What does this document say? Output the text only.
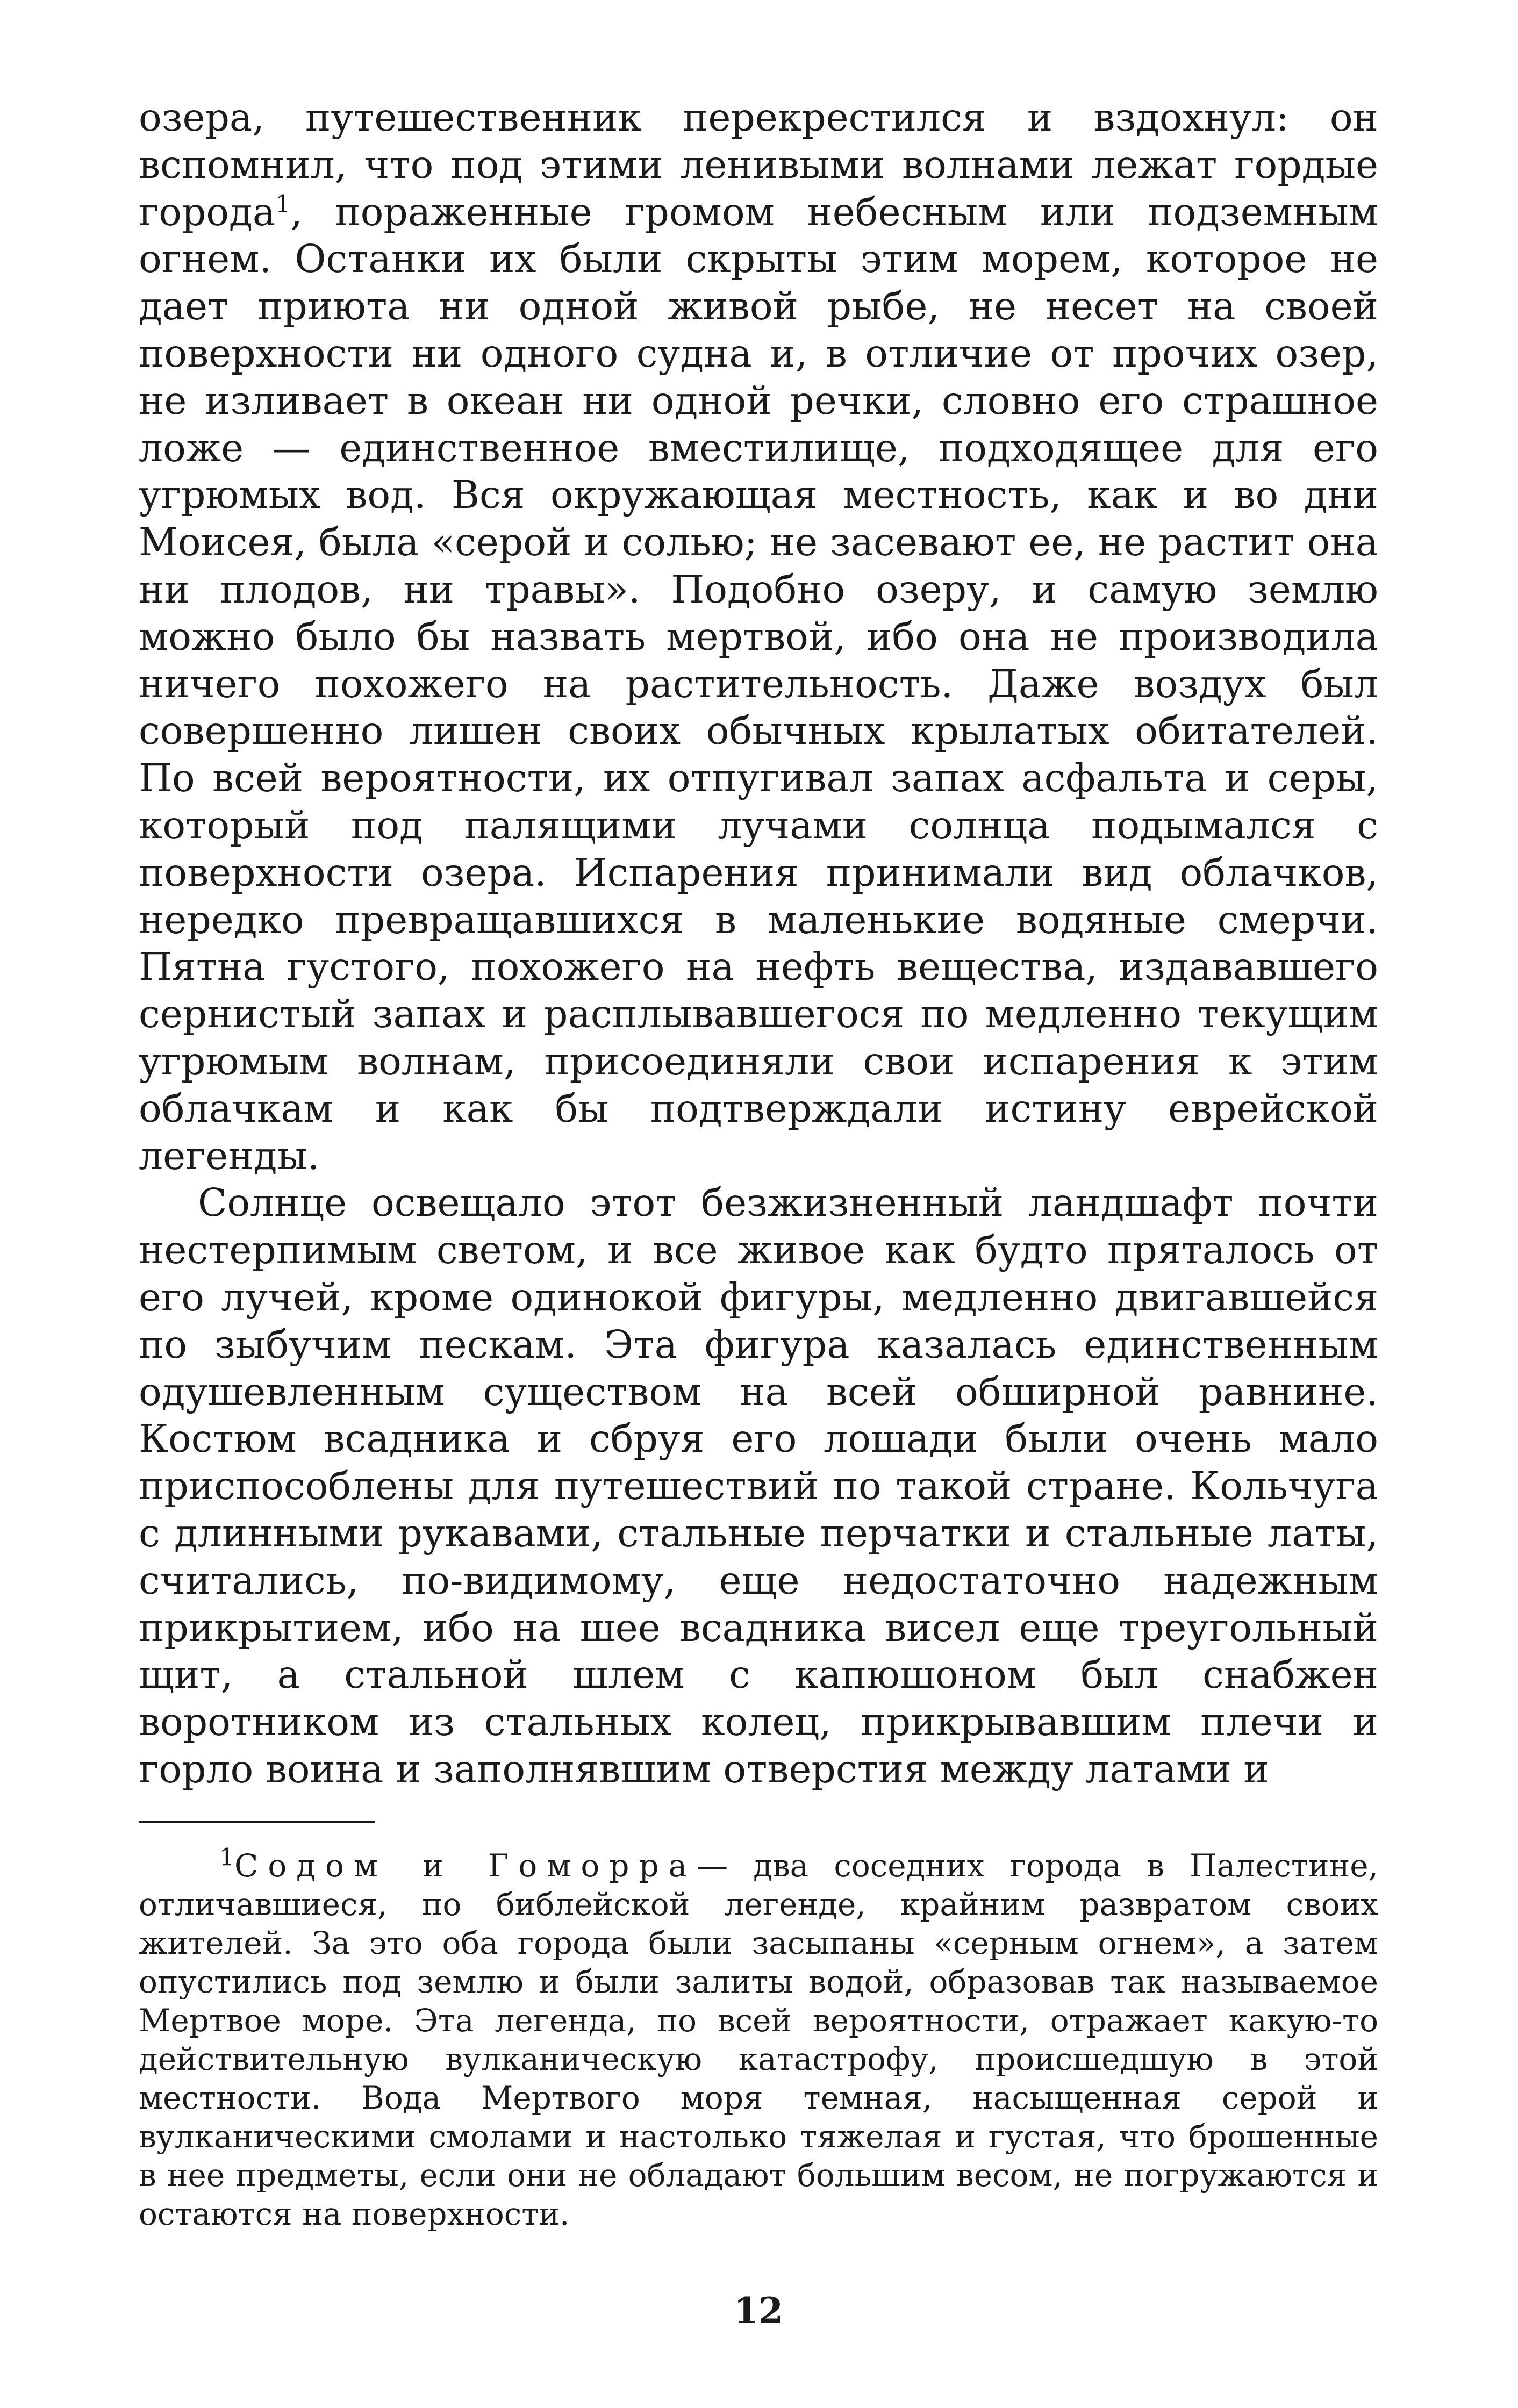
озера, путешественник перекрестился и вздохнул: он вспомнил, что под этими ленивыми волнами лежат гордые города$^1$, пораженные громом небесным или подземным огнем. Останки их были скрыты этим морем, которое не дает приюта ни одной живой рыбе, не несет на своей поверхности ни одного судна и, в отличие от прочих озер, не изливает в океан ни одной речки, словно его страшное ложе — единственное вместилище, подходящее для его угрюмых вод. Вся окружающая местность, как и во дни Моисея, была «серой и солью; не засевают ее, не растит она ни плодов, ни травы». Подобно озеру, и самую землю можно было бы назвать мертвой, ибо она не производила ничего похожего на растительность. Даже воздух был совершенно лишен своих обычных крылатых обитателей. По всей вероятности, их отпугивал запах асфальта и серы, который под палящими лучами солнца подымался с поверхности озера. Испарения принимали вид облачков, нередко превращавшихся в маленькие водяные смерчи. Пятна густого, похожего на нефть вещества, издававшего сернистый запах и расплывавшегося по медленно текущим угрюмым волнам, присоединяли свои испарения к этим облачкам и как бы подтверждали истину еврейской легенды.

Солнце освещало этот безжизненный ландшафт почти нестерпимым светом, и все живое как будто пряталось от его лучей, кроме одинокой фигуры, медленно двигавшейся по зыбучим пескам. Эта фигура казалась единственным одушевленным существом на всей обширной равнине. Костюм всадника и сбруя его лошади были очень мало приспособлены для путешествий по такой стране. Кольчуга с длинными рукавами, стальные перчатки и стальные латы, считались, по-видимому, еще недостаточно надежным прикрытием, ибо на шее всадника висел еще треугольный щит, а стальной шлем с капюшоном был снабжен воротником из стальных колец, прикрывавшим плечи и горло воина и заполнявшим отверстия между латами и

$^1$Содом и Гоморра— два соседних города в Палестине, отличавшиеся, по библейской легенде, крайним развратом своих жителей. За это оба города были засыпаны «серным огнем», а затем опустились под землю и были залиты водой, образовав так называемое Мертвое море. Эта легенда, по всей вероятности, отражает какую-то действительную вулканическую катастрофу, происшедшую в этой местности. Вода Мертвого моря темная, насыщенная серой и вулканическими смолами и настолько тяжелая и густая, что брошенные в нее предметы, если они не обладают большим весом, не погружаются и остаются на поверхности.

12
